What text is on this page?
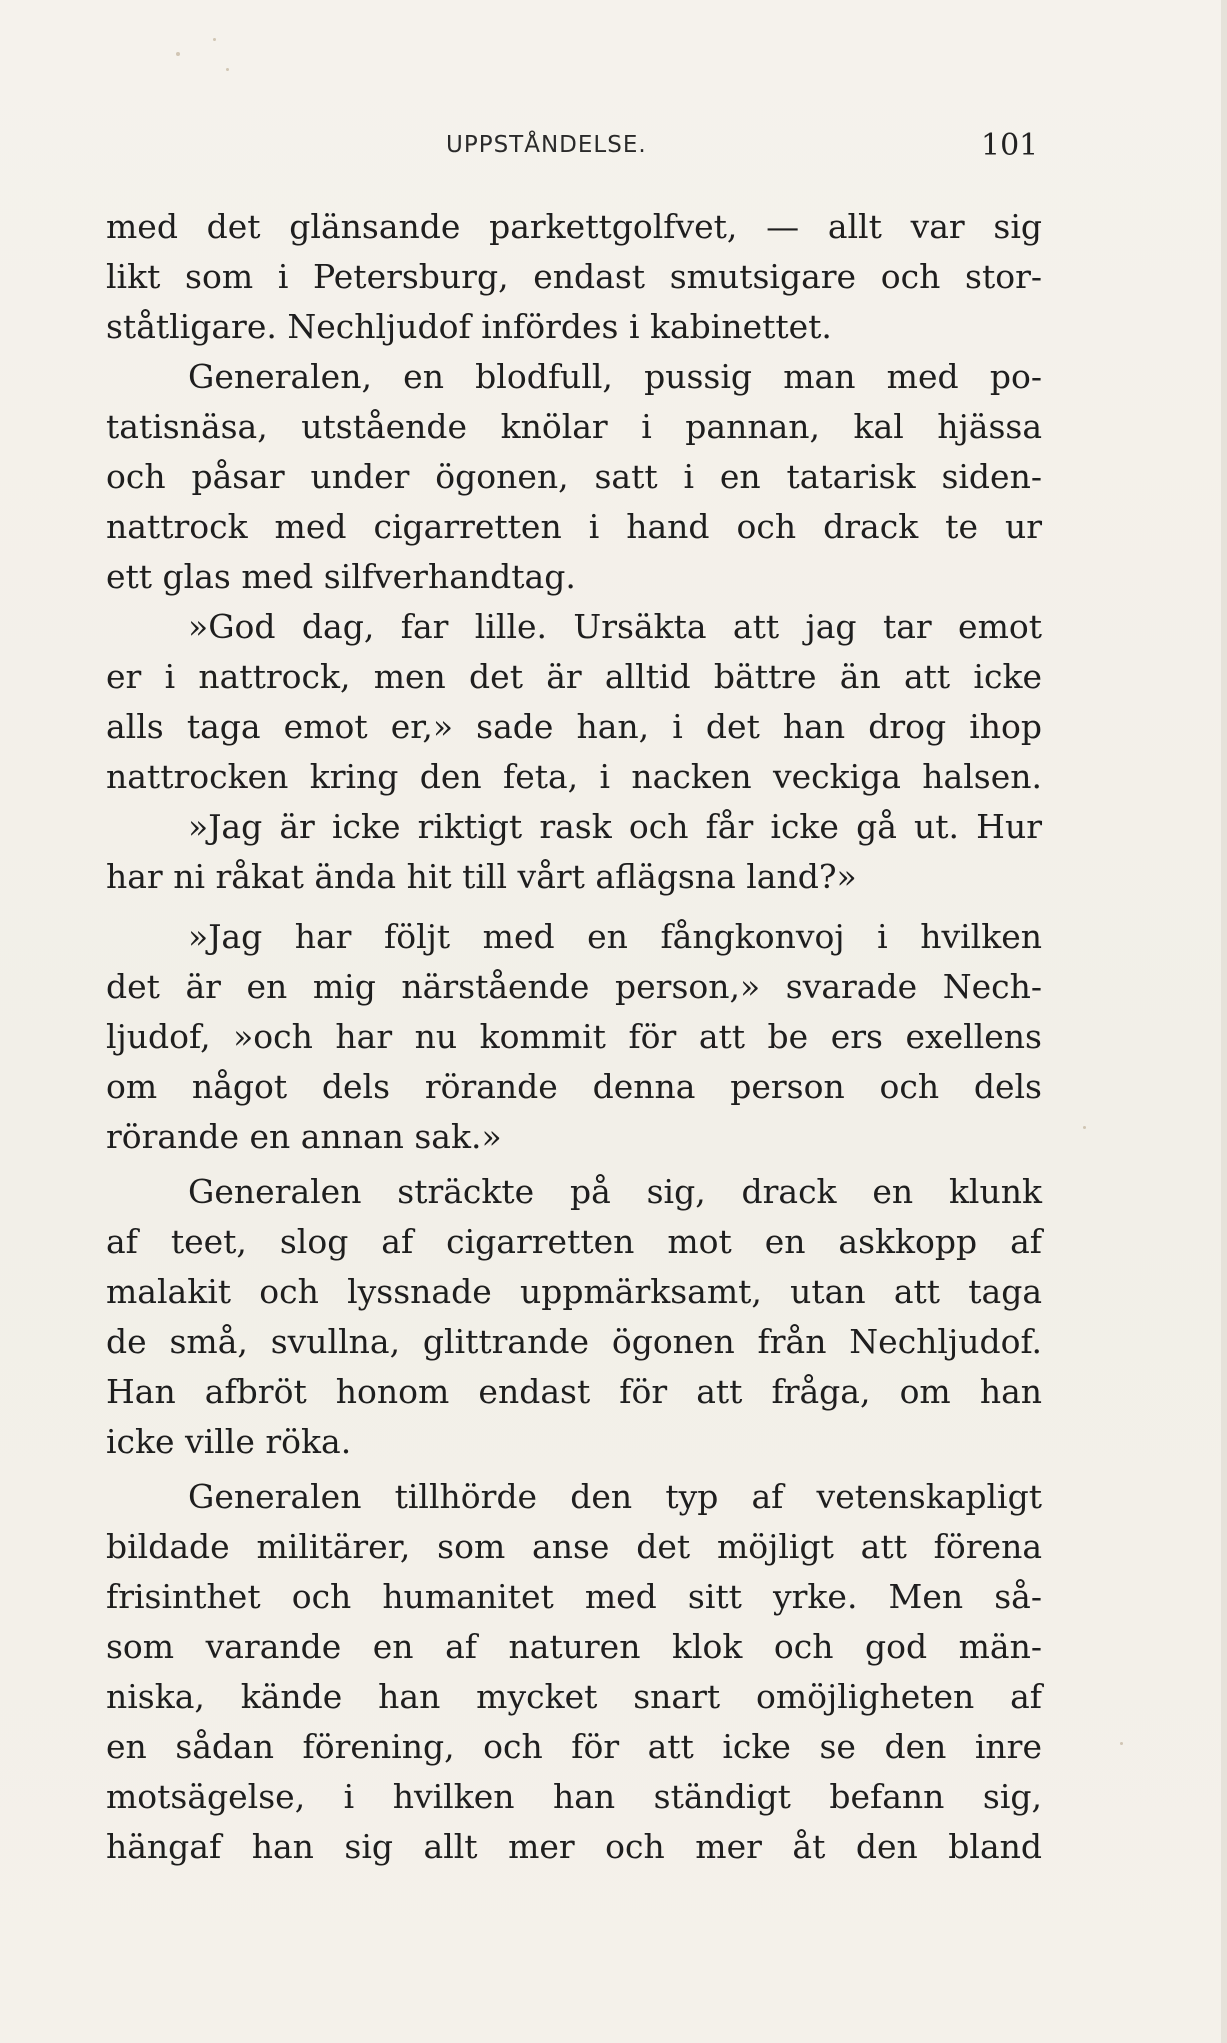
UPPSTÅNDELSE.	101
med det glänsande parkettgolfvet, — allt var sig
likt som i Petersburg, endast smutsigare och stor-
ståtligare. Nechljudof infördes i kabinettet.
Generalen, en blodfull, pussig man med po-
tatisnäsa, utstående knölar i pannan, kal hjässa
och påsar under ögonen, satt i en tatarisk siden-
nattrock med cigarretten i hand och drack te ur
ett glas med silfverhandtag.
»God dag, far lille. Ursäkta att jag tar emot
er i nattrock, men det är alltid bättre än att icke
alls taga emot er,» sade han, i det han drog ihop
nattrocken kring den feta, i nacken veckiga halsen.
»Jag är icke riktigt rask och får icke gå ut. Hur
har ni råkat ända hit till vårt aflägsna land?»
»Jag har följt med en fångkonvoj i hvilken
det är en mig närstående person,» svarade Nech-
ljudof, »och har nu kommit för att be ers exellens
om något dels rörande denna person och dels
rörande en annan sak.»
Generalen sträckte på sig, drack en klunk
af teet, slog af cigarretten mot en askkopp af
malakit och lyssnade uppmärksamt, utan att taga
de små, svullna, glittrande ögonen från Nechljudof.
Han afbröt honom endast för att fråga, om han
icke ville röka.
Generalen tillhörde den typ af vetenskapligt
bildade militärer, som anse det möjligt att förena
frisinthet och humanitet med sitt yrke. Men så-
som varande en af naturen klok och god män-
niska, kände han mycket snart omöjligheten af
en sådan förening, och för att icke se den inre
motsägelse, i hvilken han ständigt befann sig,
hängaf han sig allt mer och mer åt den bland
